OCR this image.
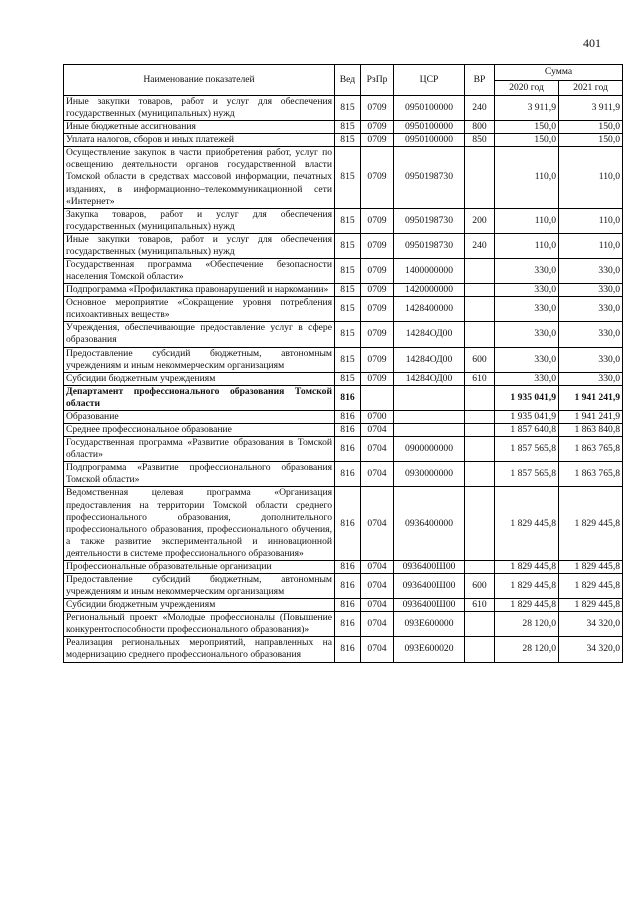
401
Наименование показателей	Вед	РзПр	ЦСР	ВР	Сумма	
					2020 год	2021 год
Иные закупки товаров, работ и услуг для обеспечения государственных (муниципальных) нужд	815	0709	0950100000	240	3 911,9	3 911,9
Иные бюджетные ассигнования	815	0709	0950100000	800	150,0	150,0
Уплата налогов, сборов и иных платежей	815	0709	0950100000	850	150,0	150,0
Осуществление закупок в части приобретения работ, услуг по освещению деятельности органов государственной власти Томской области в средствах массовой информации, печатных изданиях, в информационно–телекоммуникационной сети «Интернет»	815	0709	0950198730		110,0	110,0
Закупка товаров, работ и услуг для обеспечения государственных (муниципальных) нужд	815	0709	0950198730	200	110,0	110,0
Иные закупки товаров, работ и услуг для обеспечения государственных (муниципальных) нужд	815	0709	0950198730	240	110,0	110,0
Государственная программа «Обеспечение безопасности населения Томской области»	815	0709	1400000000		330,0	330,0
Подпрограмма «Профилактика правонарушений и наркомании»	815	0709	1420000000		330,0	330,0
Основное мероприятие «Сокращение уровня потребления психоактивных веществ»	815	0709	1428400000		330,0	330,0
Учреждения, обеспечивающие предоставление услуг в сфере образования	815	0709	14284ОД00		330,0	330,0
Предоставление субсидий бюджетным, автономным учреждениям и иным некоммерческим организациям	815	0709	14284ОД00	600	330,0	330,0
Субсидии бюджетным учреждениям	815	0709	14284ОД00	610	330,0	330,0
Департамент профессионального образования Томской области	816				1 935 041,9	1 941 241,9
Образование	816	0700			1 935 041,9	1 941 241,9
Среднее профессиональное образование	816	0704			1 857 640,8	1 863 840,8
Государственная программа «Развитие образования в Томской области»	816	0704	0900000000		1 857 565,8	1 863 765,8
Подпрограмма «Развитие профессионального образования Томской области»	816	0704	0930000000		1 857 565,8	1 863 765,8
Ведомственная целевая программа «Организация предоставления на территории Томской области среднего профессионального образования, дополнительного профессионального образования, профессионального обучения, а также развитие экспериментальной и инновационной деятельности в системе профессионального образования»	816	0704	0936400000		1 829 445,8	1 829 445,8
Профессиональные образовательные организации	816	0704	0936400Ш00		1 829 445,8	1 829 445,8
Предоставление субсидий бюджетным, автономным учреждениям и иным некоммерческим организациям	816	0704	0936400Ш00	600	1 829 445,8	1 829 445,8
Субсидии бюджетным учреждениям	816	0704	0936400Ш00	610	1 829 445,8	1 829 445,8
Региональный проект «Молодые профессионалы (Повышение конкурентоспособности профессионального образования)»	816	0704	093Е600000		28 120,0	34 320,0
Реализация региональных мероприятий, направленных на модернизацию среднего профессионального образования	816	0704	093Е600020		28 120,0	34 320,0
